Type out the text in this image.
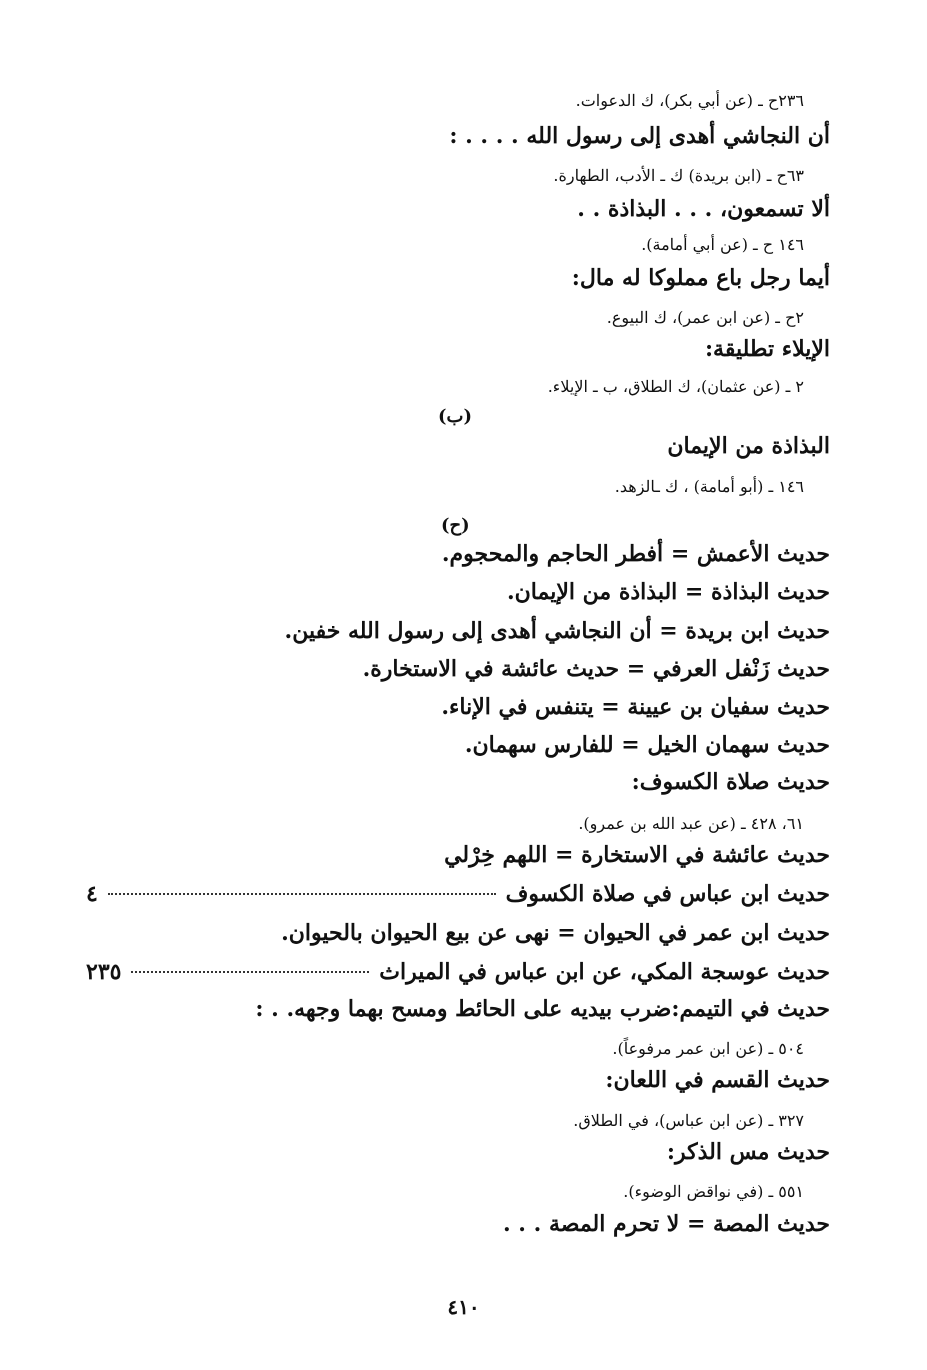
٢٣٦ح ـ (عن أبي بكر)، ك الدعوات.
أن النجاشي أهدى إلى رسول الله . . . . :
٦٣ح ـ (ابن بريدة) ك ـ الأدب، الطهارة.
ألا تسمعون، . . . البذاذة . .
١٤٦ ح ـ (عن أبي أمامة).
أيما رجل باع مملوكا له مال:
٢ح ـ (عن ابن عمر)، ك البيوع.
الإيلاء تطليقة:
٢ ـ (عن عثمان)، ك الطلاق، ب ـ الإيلاء.
(ب)
البذاذة من الإيمان
١٤٦ ـ (أبو أمامة) ، ك ـالزهد.
(ح)
حديث الأعمش = أفطر الحاجم والمحجوم.
حديث البذاذة = البذاذة من الإيمان.
حديث ابن بريدة = أن النجاشي أهدى إلى رسول الله خفين.
حديث زَنْفل العرفي = حديث عائشة في الاستخارة.
حديث سفيان بن عيينة = يتنفس في الإناء.
حديث سهمان الخيل = للفارس سهمان.
حديث صلاة الكسوف:
٦١، ٤٢٨ ـ (عن عبد الله بن عمرو).
حديث عائشة في الاستخارة = اللهم خِرْلي
حديث ابن عباس في صلاة الكسوف
٤
حديث ابن عمر في الحيوان = نهى عن بيع الحيوان بالحيوان.
حديث عوسجة المكي، عن ابن عباس في الميراث
٢٣٥
حديث في التيمم:ضرب بيديه على الحائط ومسح بهما وجهه. . :
٥٠٤ ـ (عن ابن عمر مرفوعاً).
حديث القسم في اللعان:
٣٢٧ ـ (عن ابن عباس)، في الطلاق.
حديث مس الذكر:
٥٥١ ـ (في نواقض الوضوء).
حديث المصة = لا تحرم المصة . . .
٤١٠
